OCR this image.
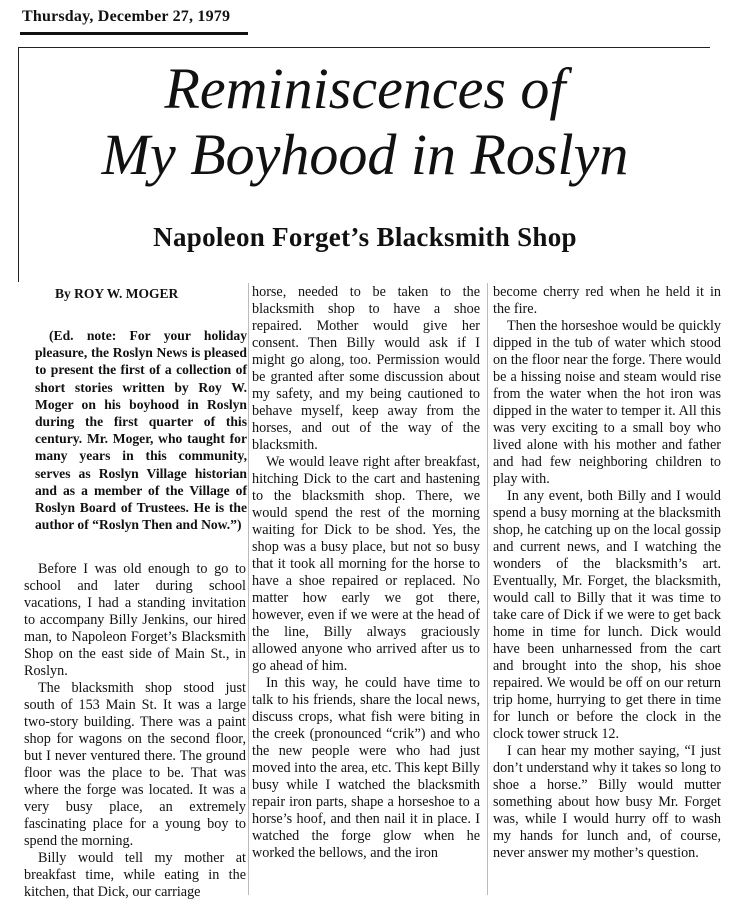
Thursday, December 27, 1979
Reminiscences of
My Boyhood in Roslyn
Napoleon Forget’s Blacksmith Shop
By ROY W. MOGER

(Ed. note: For your holiday pleasure, the Roslyn News is pleased to present the first of a collection of short stories written by Roy W. Moger on his boyhood in Roslyn during the first quarter of this century. Mr. Moger, who taught for many years in this community, serves as Roslyn Village historian and as a member of the Village of Roslyn Board of Trustees. He is the author of “Roslyn Then and Now.”)

Before I was old enough to go to school and later during school vacations, I had a standing invitation to accompany Billy Jenkins, our hired man, to Napoleon Forget’s Blacksmith Shop on the east side of Main St., in Roslyn.

The blacksmith shop stood just south of 153 Main St. It was a large two-story building. There was a paint shop for wagons on the second floor, but I never ventured there. The ground floor was the place to be. That was where the forge was located. It was a very busy place, an extremely fascinating place for a young boy to spend the morning.

Billy would tell my mother at breakfast time, while eating in the kitchen, that Dick, our carriage

horse, needed to be taken to the blacksmith shop to have a shoe repaired. Mother would give her consent. Then Billy would ask if I might go along, too. Permission would be granted after some discussion about my safety, and my being cautioned to behave myself, keep away from the horses, and out of the way of the blacksmith.

We would leave right after breakfast, hitching Dick to the cart and hastening to the blacksmith shop. There, we would spend the rest of the morning waiting for Dick to be shod. Yes, the shop was a busy place, but not so busy that it took all morning for the horse to have a shoe repaired or replaced. No matter how early we got there, however, even if we were at the head of the line, Billy always graciously allowed anyone who arrived after us to go ahead of him.

In this way, he could have time to talk to his friends, share the local news, discuss crops, what fish were biting in the creek (pronounced “crik”) and who the new people were who had just moved into the area, etc. This kept Billy busy while I watched the blacksmith repair iron parts, shape a horseshoe to a horse’s hoof, and then nail it in place. I watched the forge glow when he worked the bellows, and the iron

become cherry red when he held it in the fire.

Then the horseshoe would be quickly dipped in the tub of water which stood on the floor near the forge. There would be a hissing noise and steam would rise from the water when the hot iron was dipped in the water to temper it. All this was very exciting to a small boy who lived alone with his mother and father and had few neighboring children to play with.

In any event, both Billy and I would spend a busy morning at the blacksmith shop, he catching up on the local gossip and current news, and I watching the wonders of the blacksmith’s art. Eventually, Mr. Forget, the blacksmith, would call to Billy that it was time to take care of Dick if we were to get back home in time for lunch. Dick would have been unharnessed from the cart and brought into the shop, his shoe repaired. We would be off on our return trip home, hurrying to get there in time for lunch or before the clock in the clock tower struck 12.

I can hear my mother saying, “I just don’t understand why it takes so long to shoe a horse.” Billy would mutter something about how busy Mr. Forget was, while I would hurry off to wash my hands for lunch and, of course, never answer my mother’s question.
